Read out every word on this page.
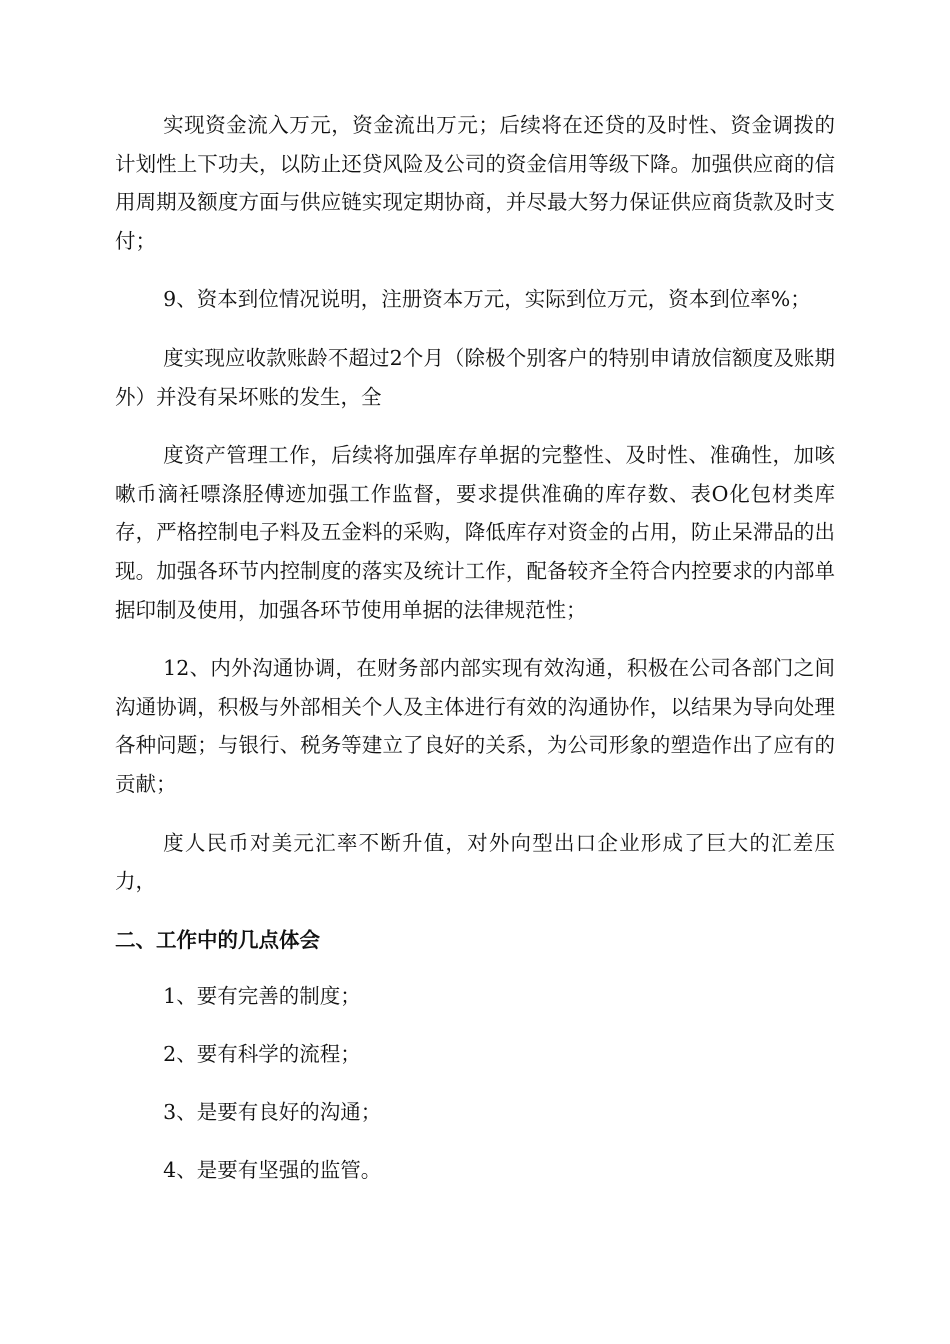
实现资金流入万元，资金流出万元；后续将在还贷的及时性、资金调拨的计划性上下功夫，以防止还贷风险及公司的资金信用等级下降。加强供应商的信用周期及额度方面与供应链实现定期协商，并尽最大努力保证供应商货款及时支付；

9、资本到位情况说明，注册资本万元，实际到位万元，资本到位率%；

度实现应收款账龄不超过2个月（除极个别客户的特别申请放信额度及账期外）并没有呆坏账的发生，全

度资产管理工作，后续将加强库存单据的完整性、及时性、准确性，加咳嗽币滴衽嘌涤胫傅迹加强工作监督，要求提供准确的库存数、表O化包材类库存，严格控制电子料及五金料的采购，降低库存对资金的占用，防止呆滞品的出现。加强各环节内控制度的落实及统计工作，配备较齐全符合内控要求的内部单据印制及使用，加强各环节使用单据的法律规范性；

12、内外沟通协调，在财务部内部实现有效沟通，积极在公司各部门之间沟通协调，积极与外部相关个人及主体进行有效的沟通协作，以结果为导向处理各种问题；与银行、税务等建立了良好的关系，为公司形象的塑造作出了应有的贡献；

度人民币对美元汇率不断升值，对外向型出口企业形成了巨大的汇差压力，

二、工作中的几点体会
1、要有完善的制度；
2、要有科学的流程；
3、是要有良好的沟通；
4、是要有坚强的监管。
